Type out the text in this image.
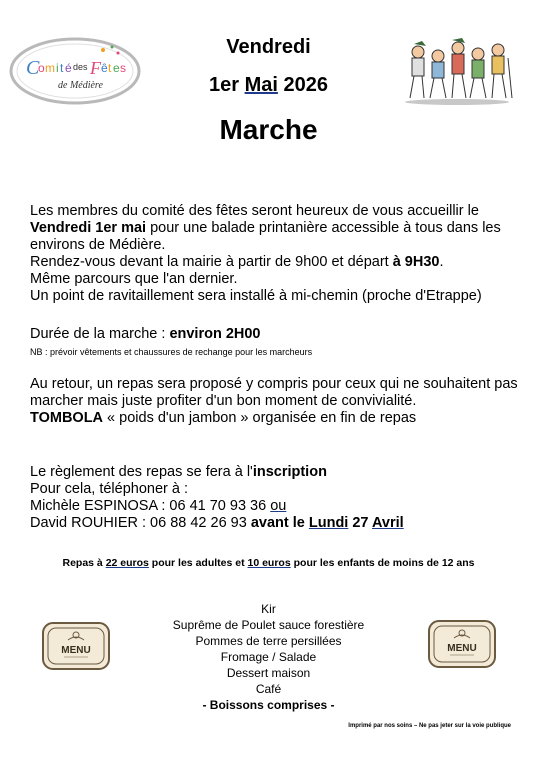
C
o m i t é des F ê t e s
de Médière
Vendredi
1er Mai 2026
Marche
Les membres du comité des fêtes seront heureux de vous accueillir le Vendredi 1er mai pour une balade printanière accessible à tous dans les environs de Médière.
Rendez-vous devant la mairie à partir de 9h00 et départ à 9H30.
Même parcours que l'an dernier.
Un point de ravitaillement sera installé à mi-chemin (proche d'Etrappe)
Durée de la marche : environ 2H00
NB : prévoir vêtements et chaussures de rechange pour les marcheurs
Au retour, un repas sera proposé y compris pour ceux qui ne souhaitent pas marcher mais juste profiter d'un bon moment de convivialité.
TOMBOLA « poids d'un jambon » organisée en fin de repas
Le règlement des repas se fera à l'inscription
Pour cela, téléphoner à :
Michèle ESPINOSA : 06 41 70 93 36 ou
David ROUHIER : 06 88 42 26 93 avant le Lundi 27 Avril
Repas à 22 euros pour les adultes et 10 euros pour les enfants de moins de 12 ans
MENU	MENU
Kir
Suprême de Poulet sauce forestière
Pommes de terre persillées
Fromage / Salade
Dessert maison
Café
- Boissons comprises -
Imprimé par nos soins – Ne pas jeter sur la voie publique
